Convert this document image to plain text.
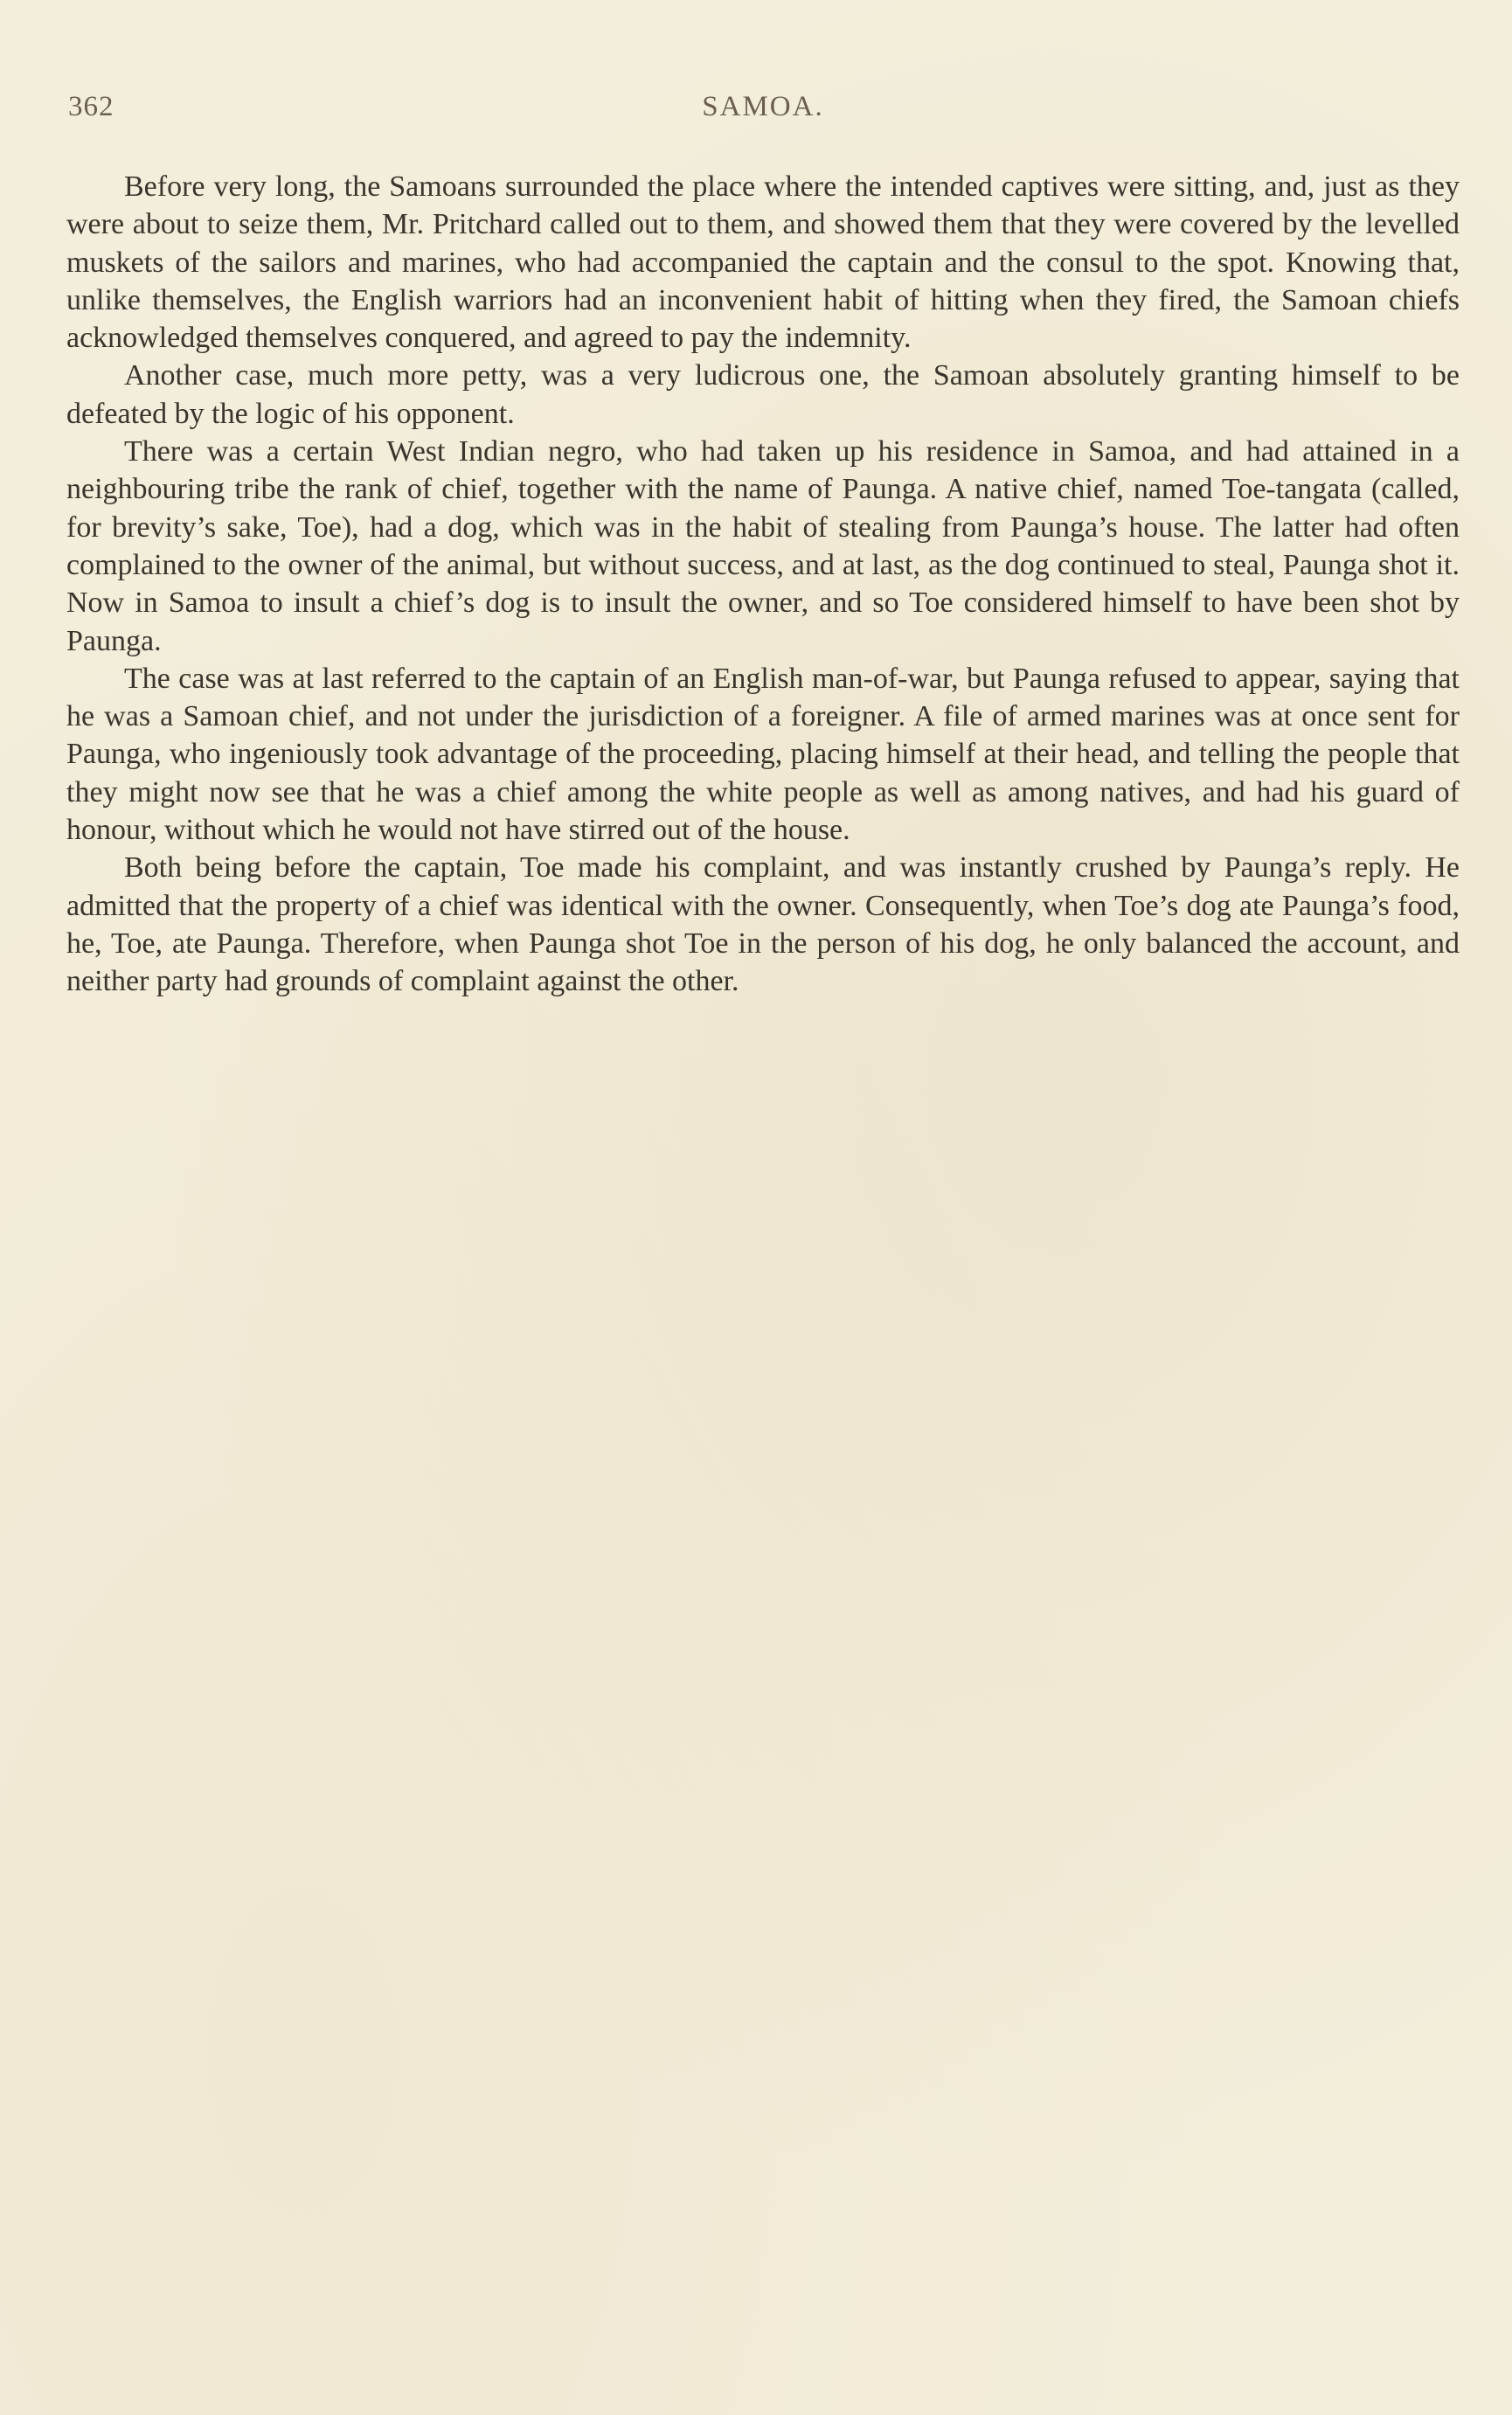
362	SAMOA.

Before very long, the Samoans surrounded the place where the intended captives were sitting, and, just as they were about to seize them, Mr. Pritchard called out to them, and showed them that they were covered by the levelled muskets of the sailors and marines, who had accompanied the captain and the consul to the spot. Knowing that, unlike themselves, the English warriors had an inconvenient habit of hitting when they fired, the Samoan chiefs acknowledged themselves conquered, and agreed to pay the indemnity.

Another case, much more petty, was a very ludicrous one, the Samoan absolutely granting himself to be defeated by the logic of his opponent.

There was a certain West Indian negro, who had taken up his residence in Samoa, and had attained in a neighbouring tribe the rank of chief, together with the name of Paunga. A native chief, named Toe-tangata (called, for brevity’s sake, Toe), had a dog, which was in the habit of stealing from Paunga’s house. The latter had often complained to the owner of the animal, but without success, and at last, as the dog continued to steal, Paunga shot it. Now in Samoa to insult a chief’s dog is to insult the owner, and so Toe considered himself to have been shot by Paunga.

The case was at last referred to the captain of an English man-of-war, but Paunga refused to appear, saying that he was a Samoan chief, and not under the jurisdiction of a foreigner. A file of armed marines was at once sent for Paunga, who ingeniously took advantage of the proceeding, placing himself at their head, and telling the people that they might now see that he was a chief among the white people as well as among natives, and had his guard of honour, without which he would not have stirred out of the house.

Both being before the captain, Toe made his complaint, and was instantly crushed by Paunga’s reply. He admitted that the property of a chief was identical with the owner. Consequently, when Toe’s dog ate Paunga’s food, he, Toe, ate Paunga. Therefore, when Paunga shot Toe in the person of his dog, he only balanced the account, and neither party had grounds of complaint against the other.
